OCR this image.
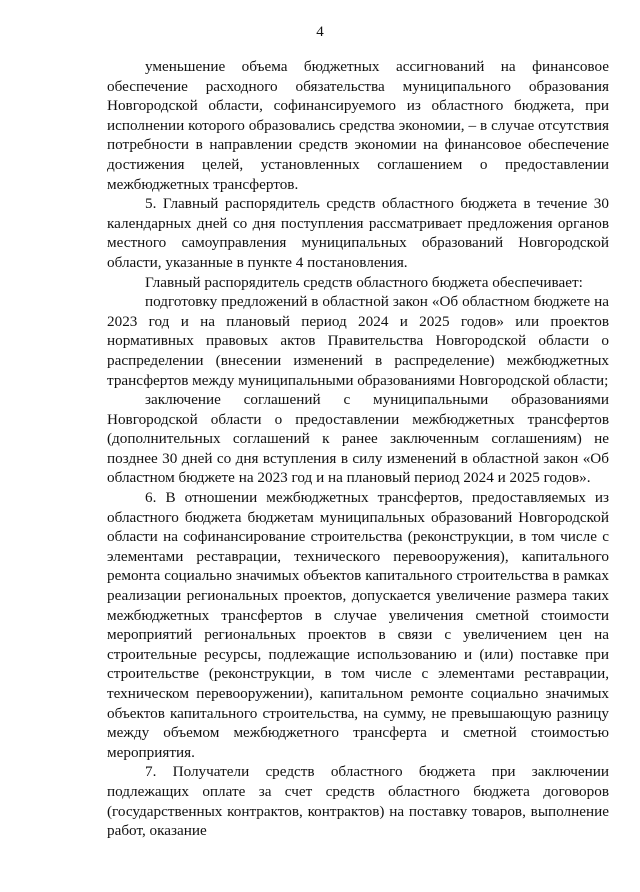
4

уменьшение объема бюджетных ассигнований на финансовое обеспечение расходного обязательства муниципального образования Новгородской области, софинансируемого из областного бюджета, при исполнении которого образовались средства экономии, – в случае отсутствия потребности в направлении средств экономии на финансовое обеспечение достижения целей, установленных соглашением о предоставлении межбюджетных трансфертов.

5. Главный распорядитель средств областного бюджета в течение 30 календарных дней со дня поступления рассматривает предложения органов местного самоуправления муниципальных образований Новгородской области, указанные в пункте 4 постановления.

Главный распорядитель средств областного бюджета обеспечивает:

подготовку предложений в областной закон «Об областном бюджете на 2023 год и на плановый период 2024 и 2025 годов» или проектов нормативных правовых актов Правительства Новгородской области о распределении (внесении изменений в распределение) межбюджетных трансфертов между муниципальными образованиями Новгородской области;

заключение соглашений с муниципальными образованиями Новгородской области о предоставлении межбюджетных трансфертов (дополнительных соглашений к ранее заключенным соглашениям) не позднее 30 дней со дня вступления в силу изменений в областной закон «Об областном бюджете на 2023 год и на плановый период 2024 и 2025 годов».

6. В отношении межбюджетных трансфертов, предоставляемых из областного бюджета бюджетам муниципальных образований Новгородской области на софинансирование строительства (реконструкции, в том числе с элементами реставрации, технического перевооружения), капитального ремонта социально значимых объектов капитального строительства в рамках реализации региональных проектов, допускается увеличение размера таких межбюджетных трансфертов в случае увеличения сметной стоимости мероприятий региональных проектов в связи с увеличением цен на строительные ресурсы, подлежащие использованию и (или) поставке при строительстве (реконструкции, в том числе с элементами реставрации, техническом перевооружении), капитальном ремонте социально значимых объектов капитального строительства, на сумму, не превышающую разницу между объемом межбюджетного трансферта и сметной стоимостью мероприятия.

7. Получатели средств областного бюджета при заключении подлежащих оплате за счет средств областного бюджета договоров (государственных контрактов, контрактов) на поставку товаров, выполнение работ, оказание
